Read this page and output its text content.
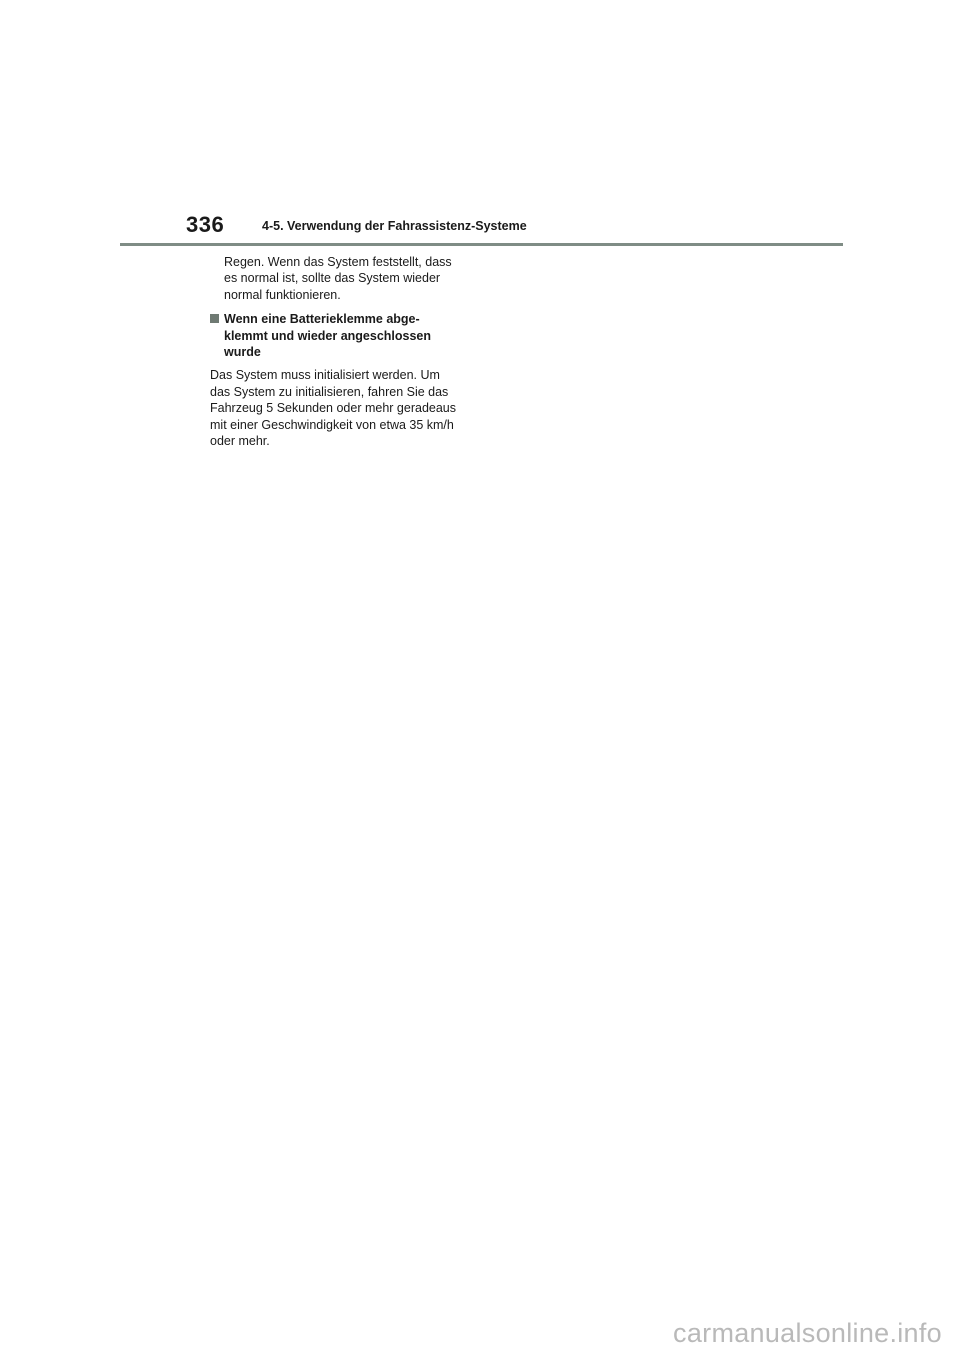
336	4-5. Verwendung der Fahrassistenz-Systeme

Regen. Wenn das System feststellt, dass
es normal ist, sollte das System wieder
normal funktionieren.

Wenn eine Batterieklemme abge-
klemmt und wieder angeschlossen
wurde

Das System muss initialisiert werden. Um
das System zu initialisieren, fahren Sie das
Fahrzeug 5 Sekunden oder mehr geradeaus
mit einer Geschwindigkeit von etwa 35 km/h
oder mehr.

carmanualsonline.info
